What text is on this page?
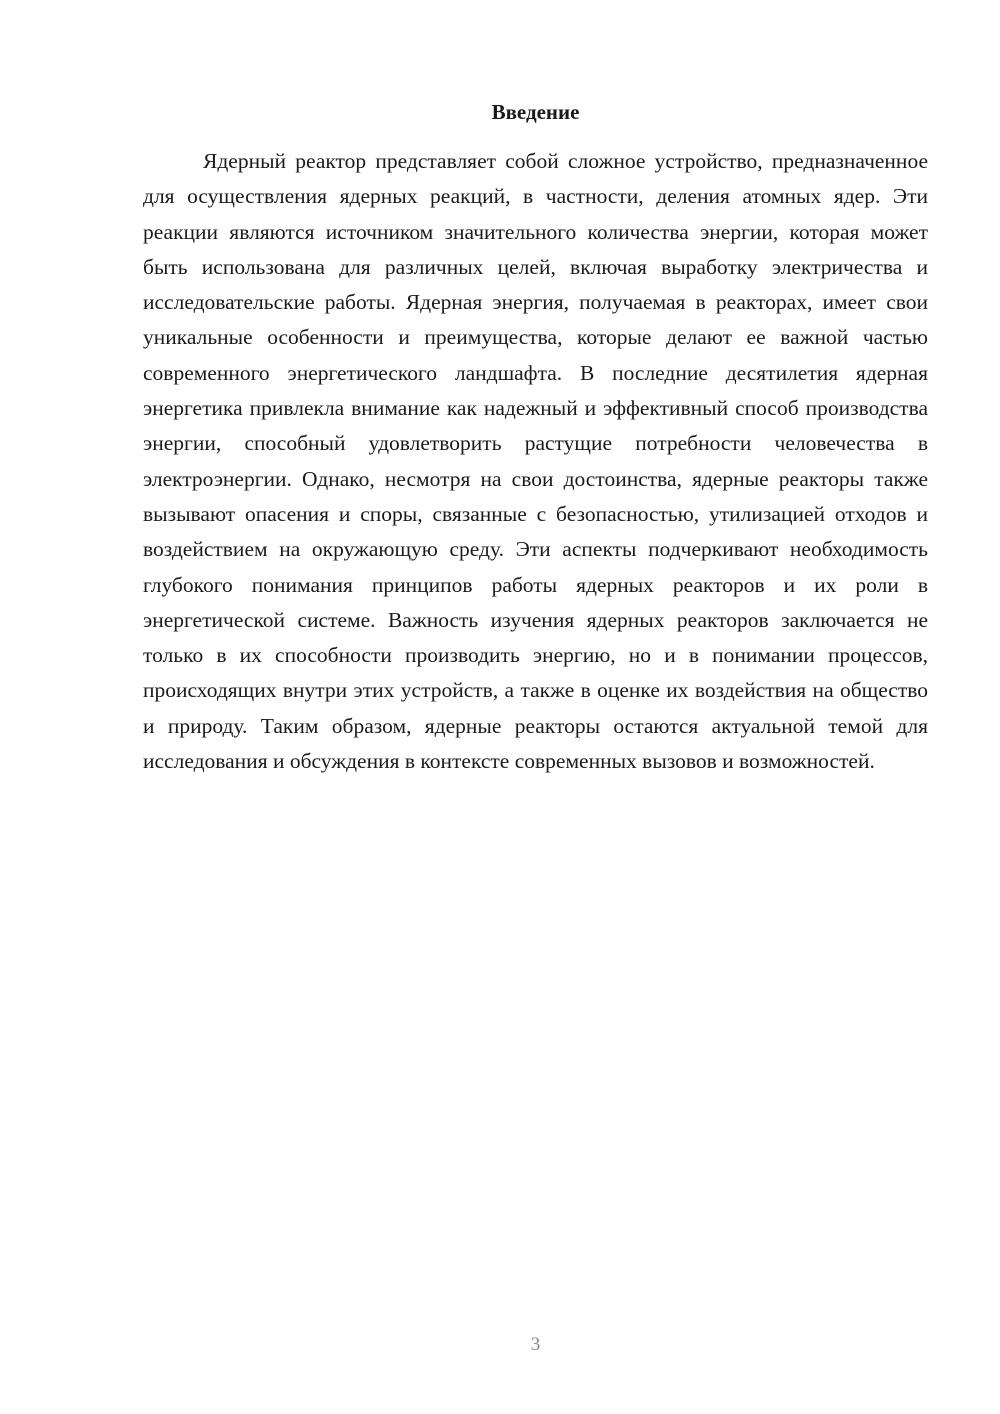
Введение

Ядерный реактор представляет собой сложное устройство, предназначенное для осуществления ядерных реакций, в частности, деления атомных ядер. Эти реакции являются источником значительного количества энергии, которая может быть использована для различных целей, включая выработку электричества и исследовательские работы. Ядерная энергия, получаемая в реакторах, имеет свои уникальные особенности и преимущества, которые делают ее важной частью современного энергетического ландшафта. В последние десятилетия ядерная энергетика привлекла внимание как надежный и эффективный способ производства энергии, способный удовлетворить растущие потребности человечества в электроэнергии. Однако, несмотря на свои достоинства, ядерные реакторы также вызывают опасения и споры, связанные с безопасностью, утилизацией отходов и воздействием на окружающую среду. Эти аспекты подчеркивают необходимость глубокого понимания принципов работы ядерных реакторов и их роли в энергетической системе. Важность изучения ядерных реакторов заключается не только в их способности производить энергию, но и в понимании процессов, происходящих внутри этих устройств, а также в оценке их воздействия на общество и природу. Таким образом, ядерные реакторы остаются актуальной темой для исследования и обсуждения в контексте современных вызовов и возможностей.

3
